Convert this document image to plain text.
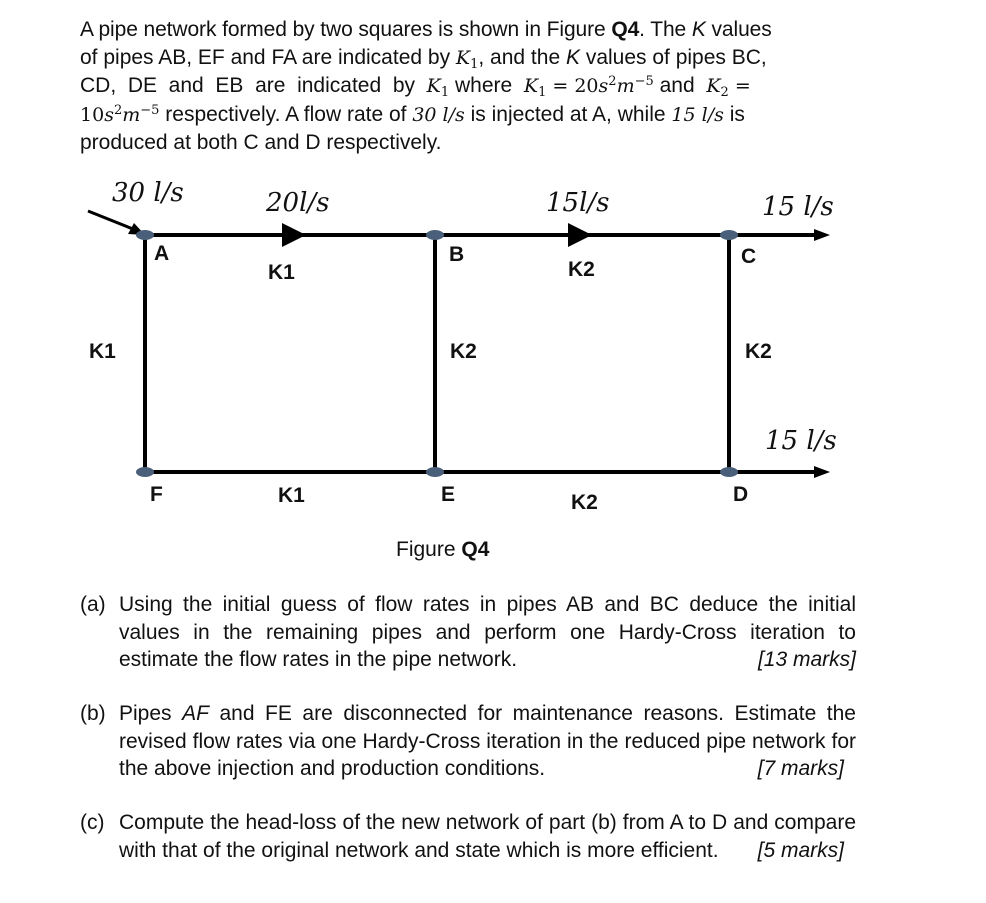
A pipe network formed by two squares is shown in Figure Q4. The K values
of pipes AB, EF and FA are indicated by $K_1$, and the K values of pipes BC,
CD,  DE  and  EB  are  indicated  by  $K_1$ where  $K_1 = 20s^2m^{-5}$ and  $K_2$ =
$10s^2m^{-5}$ respectively. A flow rate of 30 l/s is injected at A, while 15 l/s is
produced at both C and D respectively.
30 l/s	20l/s	15l/s	15 l/s
15 l/s
A	B	C
F	E	D
K1	K2
K1	K2	K2
K1	K2
Figure Q4
(a) Using the initial guess of flow rates in pipes AB and BC deduce the initial values in the remaining pipes and perform one Hardy-Cross iteration to estimate the flow rates in the pipe network.	[13 marks]
(b) Pipes AF and FE are disconnected for maintenance reasons. Estimate the revised flow rates via one Hardy-Cross iteration in the reduced pipe network for the above injection and production conditions.	[7 marks]
(c) Compute the head-loss of the new network of part (b) from A to D and compare with that of the original network and state which is more efficient. [5 marks]
